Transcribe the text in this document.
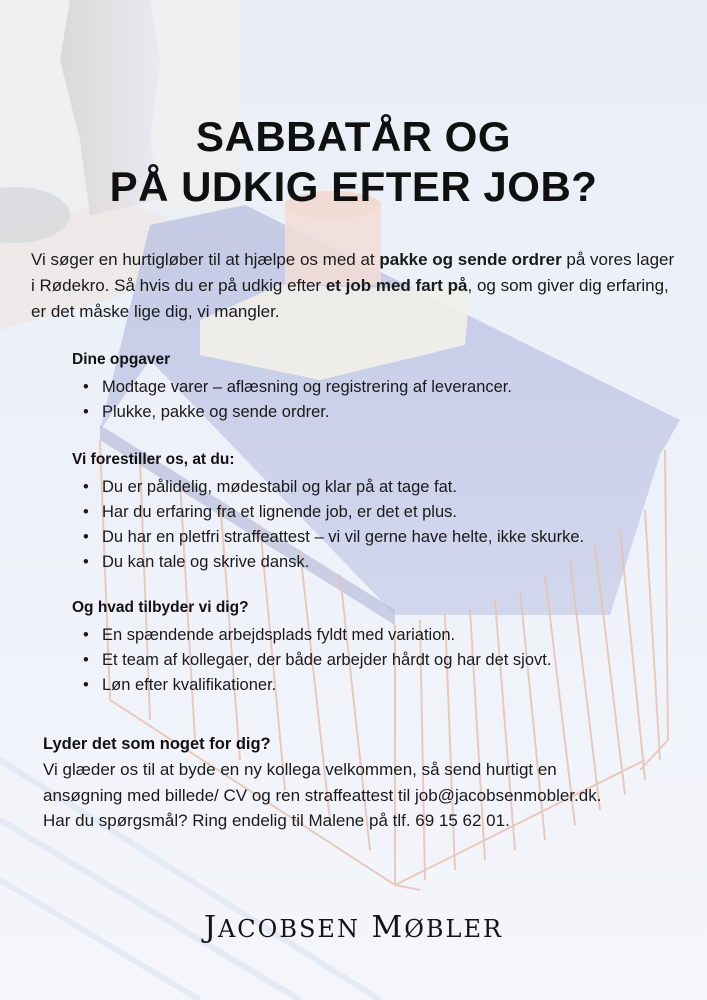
SABBATÅR OG
PÅ UDKIG EFTER JOB?

Vi søger en hurtigløber til at hjælpe os med at pakke og sende ordrer på vores lager i Rødekro. Så hvis du er på udkig efter et job med fart på, og som giver dig erfaring, er det måske lige dig, vi mangler.

Dine opgaver
• Modtage varer – aflæsning og registrering af leverancer.
• Plukke, pakke og sende ordrer.
Vi forestiller os, at du:
• Du er pålidelig, mødestabil og klar på at tage fat.
• Har du erfaring fra et lignende job, er det et plus.
• Du har en pletfri straffeattest – vi vil gerne have helte, ikke skurke.
• Du kan tale og skrive dansk.
Og hvad tilbyder vi dig?
• En spændende arbejdsplads fyldt med variation.
• Et team af kollegaer, der både arbejder hårdt og har det sjovt.
• Løn efter kvalifikationer.
Lyder det som noget for dig?

Vi glæder os til at byde en ny kollega velkommen, så send hurtigt en

ansøgning med billede/ CV og ren straffeattest til job@jacobsenmobler.dk.

Har du spørgsmål? Ring endelig til Malene på tlf. 69 15 62 01.

JACOBSEN MØBLER
